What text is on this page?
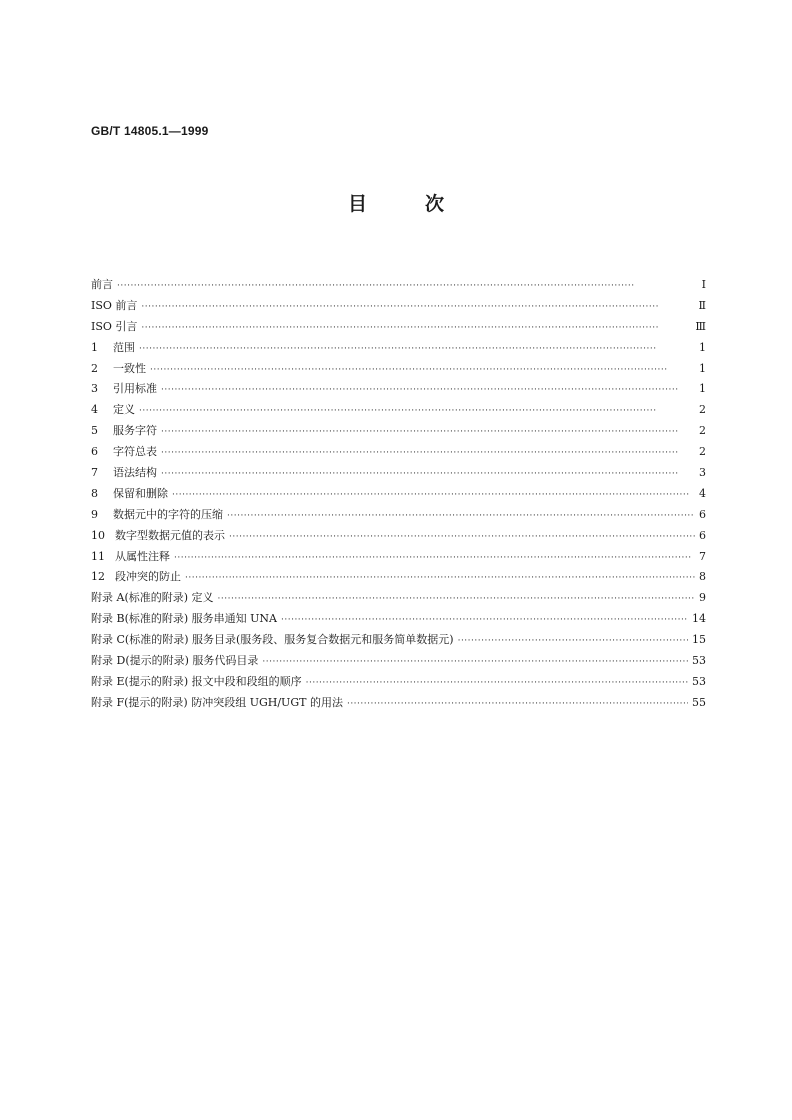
GB/T 14805.1—1999
目次
前言 ·····	I
ISO 前言 ·····	Ⅱ
ISO 引言 ·····	Ⅲ
1	范围 ·····	1
2	一致性 ·····	1
3	引用标准 ·····	1
4	定义 ·····	2
5	服务字符 ·····	2
6	字符总表 ·····	2
7	语法结构 ·····	3
8	保留和删除 ·····	4
9	数据元中的字符的压缩 ·····	6
10 数字型数据元值的表示 ·····	6
11 从属性注释 ·····	7
12 段冲突的防止 ·····	8
附录 A(标准的附录) 定义 ·····	9
附录 B(标准的附录) 服务串通知 UNA ·····	14
附录 C(标准的附录) 服务目录(服务段、服务复合数据元和服务简单数据元) ·····	15
附录 D(提示的附录) 服务代码目录 ·····	53
附录 E(提示的附录) 报文中段和段组的顺序 ·····	53
附录 F(提示的附录) 防冲突段组 UGH/UGT 的用法 ·····	55
